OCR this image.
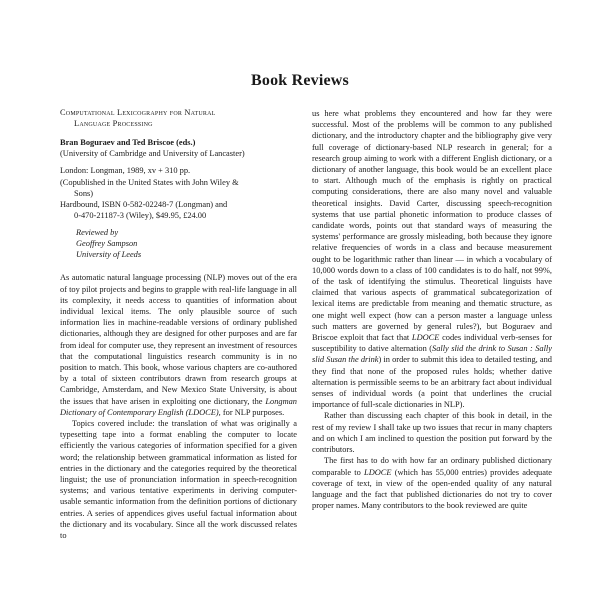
Book Reviews
Computational Lexicography for Natural
Language Processing
Bran Boguraev and Ted Briscoe (eds.)
(University of Cambridge and University of Lancaster)
London: Longman, 1989, xv + 310 pp.
(Copublished in the United States with John Wiley &
Sons)
Hardbound, ISBN 0-582-02248-7 (Longman) and
0-470-21187-3 (Wiley), $49.95, £24.00
Reviewed by
Geoffrey Sampson
University of Leeds

As automatic natural language processing (NLP) moves out of the era of toy pilot projects and begins to grapple with real-life language in all its complexity, it needs access to quantities of information about individual lexical items. The only plausible source of such information lies in machine-readable versions of ordinary published dictionaries, although they are designed for other purposes and are far from ideal for computer use, they represent an investment of resources that the computational linguistics research community is in no position to match. This book, whose various chapters are co-authored by a total of sixteen contributors drawn from research groups at Cambridge, Amsterdam, and New Mexico State University, is about the issues that have arisen in exploiting one dictionary, the Longman Dictionary of Contemporary English (LDOCE), for NLP purposes.

Topics covered include: the translation of what was originally a typesetting tape into a format enabling the computer to locate efficiently the various categories of information specified for a given word; the relationship between grammatical information as listed for entries in the dictionary and the categories required by the theoretical linguist; the use of pronunciation information in speech-recognition systems; and various tentative experiments in deriving computer-usable semantic information from the definition portions of dictionary entries. A series of appendices gives useful factual information about the dictionary and its vocabulary. Since all the work discussed relates to

us here what problems they encountered and how far they were successful. Most of the problems will be common to any published dictionary, and the introductory chapter and the bibliography give very full coverage of dictionary-based NLP research in general; for a research group aiming to work with a different English dictionary, or a dictionary of another language, this book would be an excellent place to start. Although much of the emphasis is rightly on practical computing considerations, there are also many novel and valuable theoretical insights. David Carter, discussing speech-recognition systems that use partial phonetic information to produce classes of candidate words, points out that standard ways of measuring the systems' performance are grossly misleading, both because they ignore relative frequencies of words in a class and because measurement ought to be logarithmic rather than linear — in which a vocabulary of 10,000 words down to a class of 100 candidates is to do half, not 99%, of the task of identifying the stimulus. Theoretical linguists have claimed that various aspects of grammatical subcategorization of lexical items are predictable from meaning and thematic structure, as one might well expect (how can a person master a language unless such matters are governed by general rules?), but Boguraev and Briscoe exploit that fact that LDOCE codes individual verb-senses for susceptibility to dative alternation (Sally slid the drink to Susan : Sally slid Susan the drink) in order to submit this idea to detailed testing, and they find that none of the proposed rules holds; whether dative alternation is permissible seems to be an arbitrary fact about individual senses of individual words (a point that underlines the crucial importance of full-scale dictionaries in NLP).

Rather than discussing each chapter of this book in detail, in the rest of my review I shall take up two issues that recur in many chapters and on which I am inclined to question the position put forward by the contributors.

The first has to do with how far an ordinary published dictionary comparable to LDOCE (which has 55,000 entries) provides adequate coverage of text, in view of the open-ended quality of any natural language and the fact that published dictionaries do not try to cover proper names. Many contributors to the book reviewed are quite
